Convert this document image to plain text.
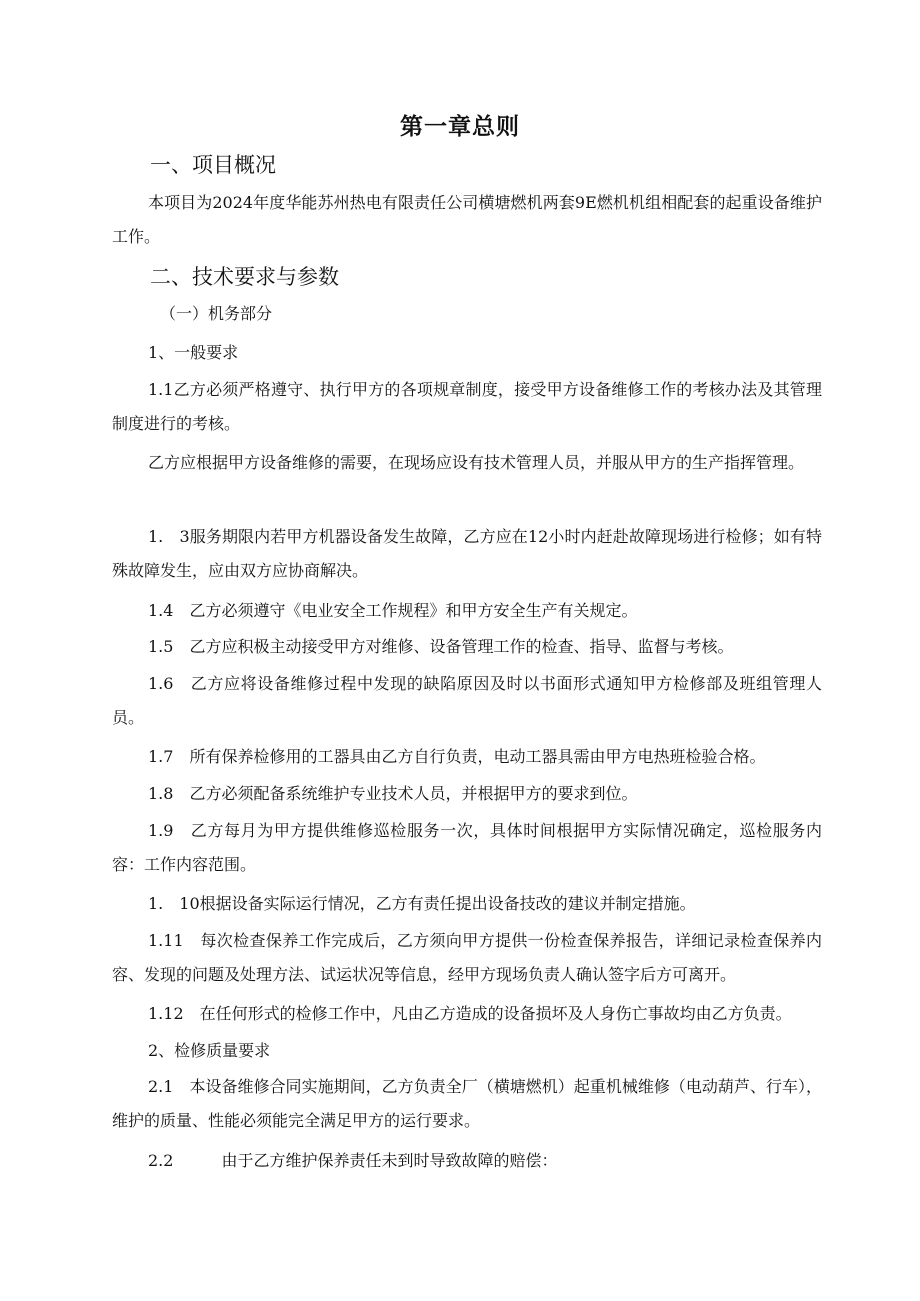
第一章总则
一、项目概况
本项目为2024年度华能苏州热电有限责任公司横塘燃机两套9E燃机机组相配套的起重设备维护工作。
二、技术要求与参数
（一）机务部分
1、一般要求
1.1乙方必须严格遵守、执行甲方的各项规章制度，接受甲方设备维修工作的考核办法及其管理制度进行的考核。
乙方应根据甲方设备维修的需要，在现场应设有技术管理人员，并服从甲方的生产指挥管理。
1.　3服务期限内若甲方机器设备发生故障，乙方应在12小时内赶赴故障现场进行检修；如有特殊故障发生，应由双方应协商解决。
1.4　乙方必须遵守《电业安全工作规程》和甲方安全生产有关规定。
1.5　乙方应积极主动接受甲方对维修、设备管理工作的检查、指导、监督与考核。
1.6　乙方应将设备维修过程中发现的缺陷原因及时以书面形式通知甲方检修部及班组管理人员。
1.7　所有保养检修用的工器具由乙方自行负责，电动工器具需由甲方电热班检验合格。
1.8　乙方必须配备系统维护专业技术人员，并根据甲方的要求到位。
1.9　乙方每月为甲方提供维修巡检服务一次，具体时间根据甲方实际情况确定，巡检服务内容：工作内容范围。
1.　10根据设备实际运行情况，乙方有责任提出设备技改的建议并制定措施。
1.11　每次检查保养工作完成后，乙方须向甲方提供一份检查保养报告，详细记录检查保养内容、发现的问题及处理方法、试运状况等信息，经甲方现场负责人确认签字后方可离开。
1.12　在任何形式的检修工作中，凡由乙方造成的设备损坏及人身伤亡事故均由乙方负责。
2、检修质量要求
2.1　本设备维修合同实施期间，乙方负责全厂（横塘燃机）起重机械维修（电动葫芦、行车），维护的质量、性能必须能完全满足甲方的运行要求。
2.2　　　由于乙方维护保养责任未到时导致故障的赔偿：
